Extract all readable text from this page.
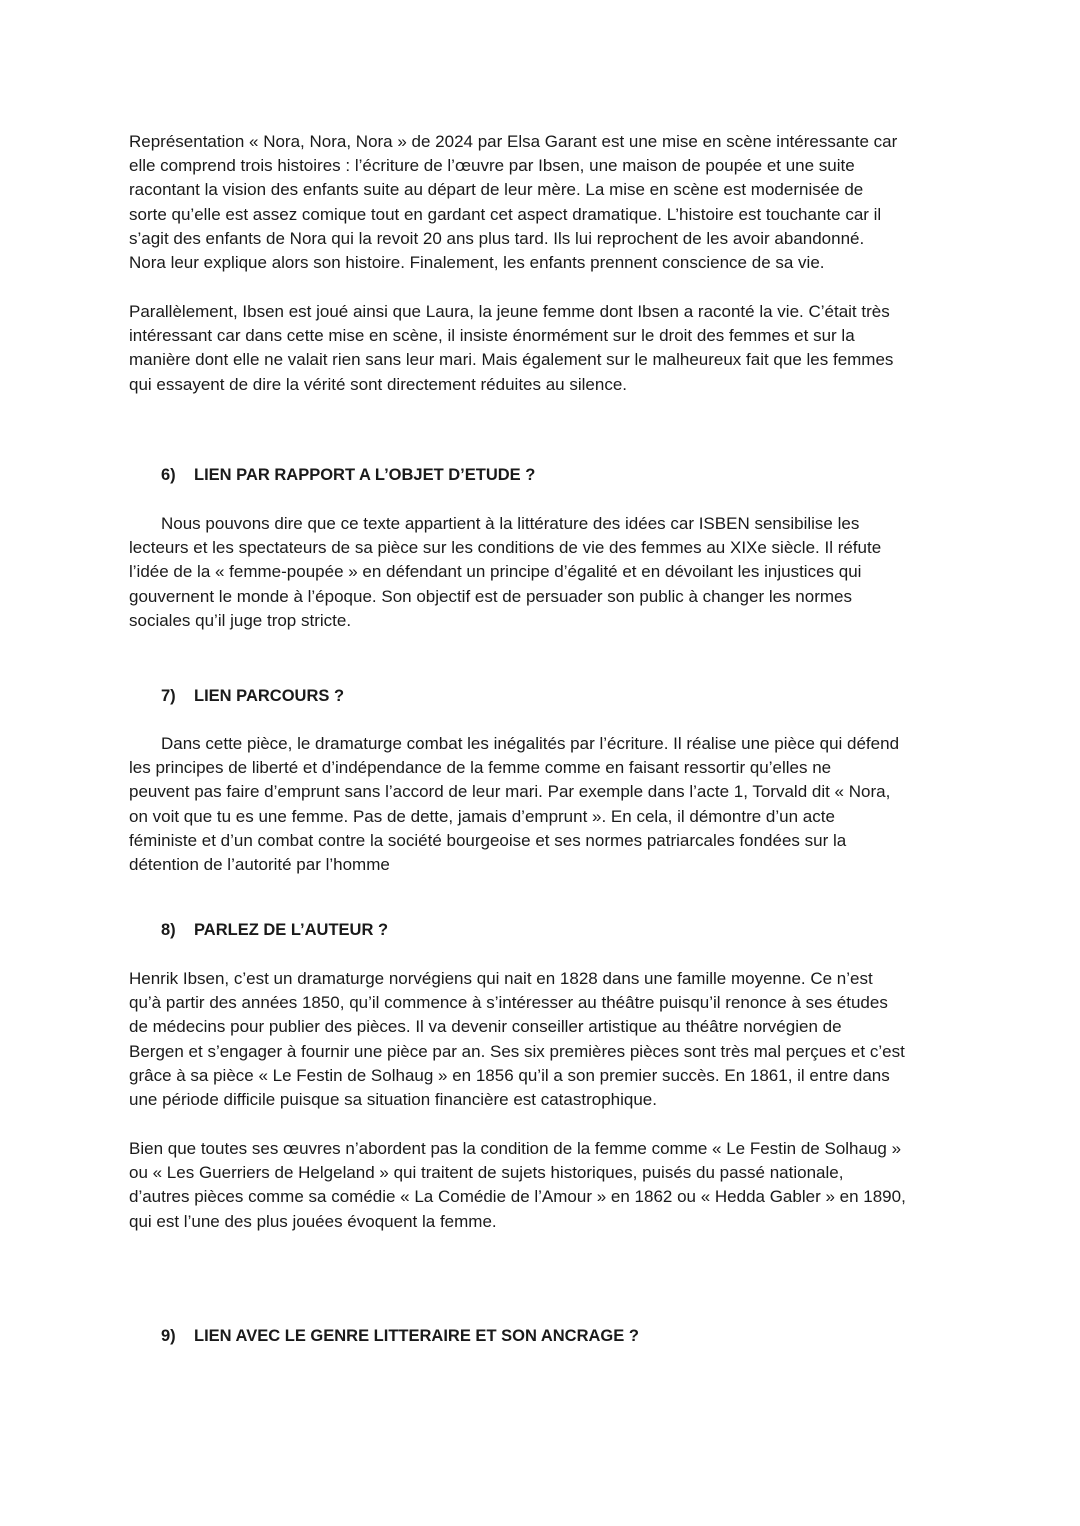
Représentation « Nora, Nora, Nora » de 2024 par Elsa Garant est une mise en scène intéressante car
elle comprend trois histoires : l’écriture de l’œuvre par Ibsen, une maison de poupée et une suite
racontant la vision des enfants suite au départ de leur mère. La mise en scène est modernisée de
sorte qu’elle est assez comique tout en gardant cet aspect dramatique. L’histoire est touchante car il
s’agit des enfants de Nora qui la revoit 20 ans plus tard. Ils lui reprochent de les avoir abandonné.
Nora leur explique alors son histoire. Finalement, les enfants prennent conscience de sa vie.

Parallèlement, Ibsen est joué ainsi que Laura, la jeune femme dont Ibsen a raconté la vie. C’était très
intéressant car dans cette mise en scène, il insiste énormément sur le droit des femmes et sur la
manière dont elle ne valait rien sans leur mari. Mais également sur le malheureux fait que les femmes
qui essayent de dire la vérité sont directement réduites au silence.

6) LIEN PAR RAPPORT A L’OBJET D’ETUDE ?

Nous pouvons dire que ce texte appartient à la littérature des idées car ISBEN sensibilise les
lecteurs et les spectateurs de sa pièce sur les conditions de vie des femmes au XIXe siècle. Il réfute
l’idée de la « femme-poupée » en défendant un principe d’égalité et en dévoilant les injustices qui
gouvernent le monde à l’époque. Son objectif est de persuader son public à changer les normes
sociales qu’il juge trop stricte.

7) LIEN PARCOURS ?

Dans cette pièce, le dramaturge combat les inégalités par l’écriture. Il réalise une pièce qui défend
les principes de liberté et d’indépendance de la femme comme en faisant ressortir qu’elles ne
peuvent pas faire d’emprunt sans l’accord de leur mari. Par exemple dans l’acte 1, Torvald dit « Nora,
on voit que tu es une femme. Pas de dette, jamais d’emprunt ». En cela, il démontre d’un acte
féministe et d’un combat contre la société bourgeoise et ses normes patriarcales fondées sur la
détention de l’autorité par l’homme

8) PARLEZ DE L’AUTEUR ?

Henrik Ibsen, c’est un dramaturge norvégiens qui nait en 1828 dans une famille moyenne. Ce n’est
qu’à partir des années 1850, qu’il commence à s’intéresser au théâtre puisqu’il renonce à ses études
de médecins pour publier des pièces. Il va devenir conseiller artistique au théâtre norvégien de
Bergen et s’engager à fournir une pièce par an. Ses six premières pièces sont très mal perçues et c’est
grâce à sa pièce « Le Festin de Solhaug » en 1856 qu’il a son premier succès. En 1861, il entre dans
une période difficile puisque sa situation financière est catastrophique.

Bien que toutes ses œuvres n’abordent pas la condition de la femme comme « Le Festin de Solhaug »
ou « Les Guerriers de Helgeland » qui traitent de sujets historiques, puisés du passé nationale,
d’autres pièces comme sa comédie « La Comédie de l’Amour » en 1862 ou « Hedda Gabler » en 1890,
qui est l’une des plus jouées évoquent la femme.

9) LIEN AVEC LE GENRE LITTERAIRE ET SON ANCRAGE ?
